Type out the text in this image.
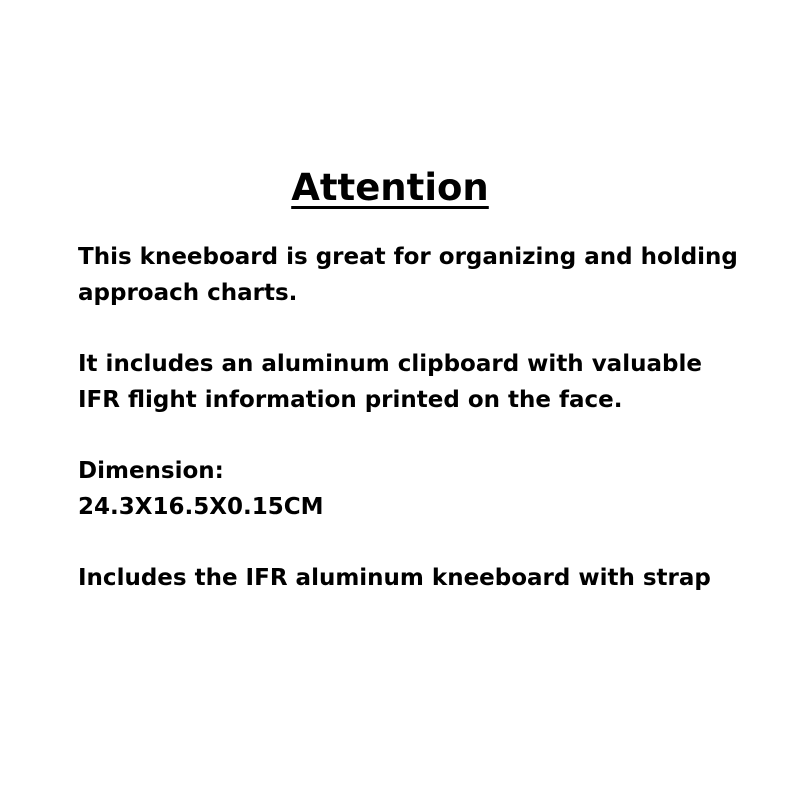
Attention

This kneeboard is great for organizing and holding
approach charts.

It includes an aluminum clipboard with valuable
IFR flight information printed on the face.

Dimension:
24.3X16.5X0.15CM

Includes the IFR aluminum kneeboard with strap
